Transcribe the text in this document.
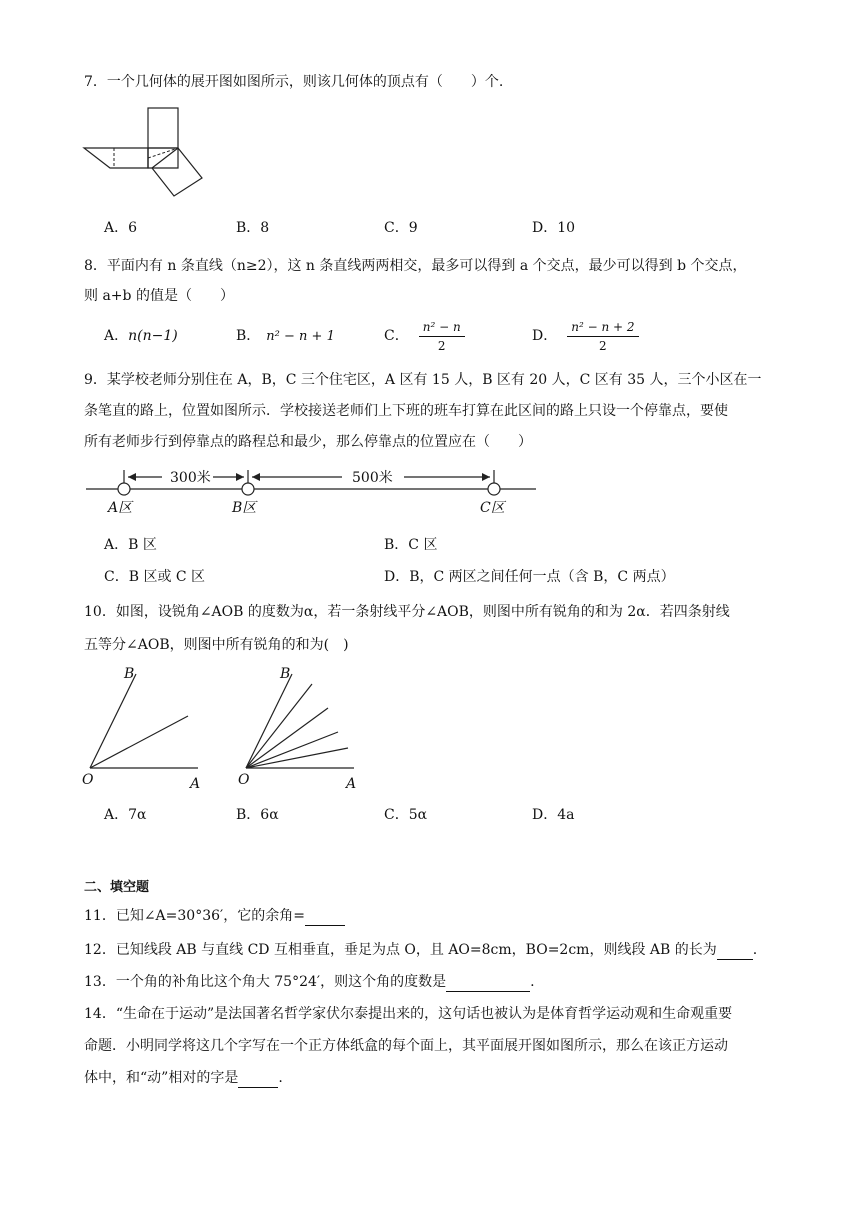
7．一个几何体的展开图如图所示，则该几何体的顶点有（　　）个.
A．6	B．8	C．9	D．10
8．平面内有 n 条直线（n≥2），这 n 条直线两两相交，最多可以得到 a 个交点，最少可以得到 b 个交点，
则 a+b 的值是（　　）
A．n(n−1)	B． n² − n + 1	C． $\frac{\text{n² − n}}{2}$	D． $\frac{\text{n² − n + 2}}{2}$
9．某学校老师分别住在 A，B，C 三个住宅区，A 区有 15 人，B 区有 20 人，C 区有 35 人，三个小区在一
条笔直的路上，位置如图所示．学校接送老师们上下班的班车打算在此区间的路上只设一个停靠点，要使
所有老师步行到停靠点的路程总和最少，那么停靠点的位置应在（　　）
300米	500米
A区	B区	C区
A．B 区	B．C 区
C．B 区或 C 区	D．B，C 两区之间任何一点（含 B，C 两点）
10．如图，设锐角∠AOB 的度数为α，若一条射线平分∠AOB，则图中所有锐角的和为 2α．若四条射线
五等分∠AOB，则图中所有锐角的和为(　)
B
O	A
B
O	A
A．7α	B．6α	C．5α	D．4a
二、填空题
11．已知∠A=30°36′，它的余角=
12．已知线段 AB 与直线 CD 互相垂直，垂足为点 O，且 AO=8cm，BO=2cm，则线段 AB 的长为	.
13．一个角的补角比这个角大 75°24′，则这个角的度数是	.
14．“生命在于运动”是法国著名哲学家伏尔泰提出来的，这句话也被认为是体育哲学运动观和生命观重要
命题．小明同学将这几个字写在一个正方体纸盒的每个面上，其平面展开图如图所示，那么在该正方运动
体中，和“动”相对的字是	.
